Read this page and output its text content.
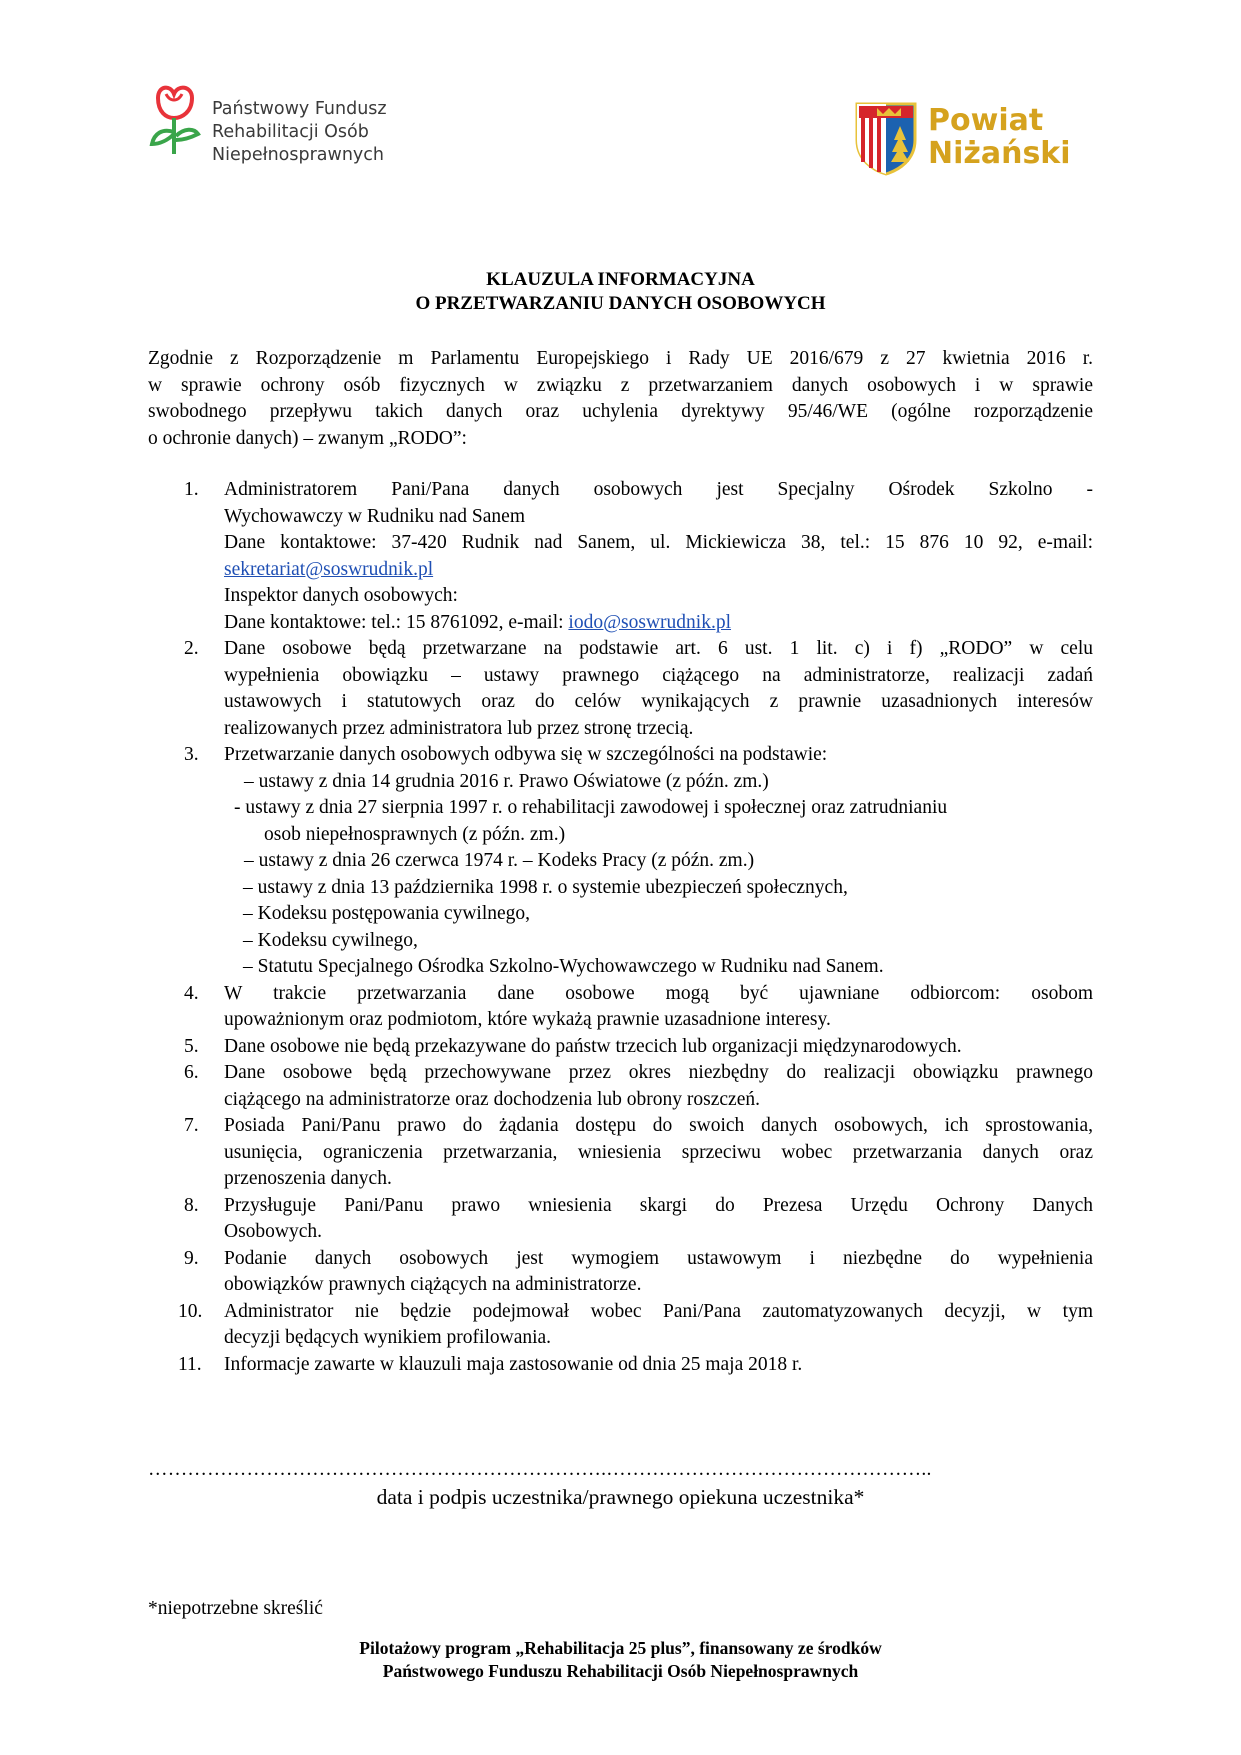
Państwowy Fundusz
Rehabilitacji Osób
Niepełnosprawnych
Powiat
Niżański
KLAUZULA INFORMACYJNA
O PRZETWARZANIU DANYCH OSOBOWYCH
Zgodnie z Rozporządzenie m Parlamentu Europejskiego i Rady UE 2016/679 z 27 kwietnia 2016 r.
w sprawie ochrony osób fizycznych w związku z przetwarzaniem danych osobowych i w sprawie
swobodnego przepływu takich danych oraz uchylenia dyrektywy 95/46/WE (ogólne rozporządzenie
o ochronie danych) – zwanym „RODO”:
1.	Administratorem Pani/Pana danych osobowych jest Specjalny Ośrodek Szkolno -
Wychowawczy w Rudniku nad Sanem
Dane kontaktowe: 37-420 Rudnik nad Sanem, ul. Mickiewicza 38, tel.: 15 876 10 92, e-mail:
sekretariat@soswrudnik.pl
Inspektor danych osobowych:
Dane kontaktowe: tel.: 15 8761092, e-mail: iodo@soswrudnik.pl
2.	Dane osobowe będą przetwarzane na podstawie art. 6 ust. 1 lit. c) i f) „RODO” w celu
wypełnienia obowiązku – ustawy prawnego ciążącego na administratorze, realizacji zadań
ustawowych i statutowych oraz do celów wynikających z prawnie uzasadnionych interesów
realizowanych przez administratora lub przez stronę trzecią.
3.	Przetwarzanie danych osobowych odbywa się w szczególności na podstawie:
– ustawy z dnia 14 grudnia 2016 r. Prawo Oświatowe (z późn. zm.)
- ustawy z dnia 27 sierpnia 1997 r. o rehabilitacji zawodowej i społecznej oraz zatrudnianiu
osob niepełnosprawnych (z późn. zm.)
– ustawy z dnia 26 czerwca 1974 r. – Kodeks Pracy (z późn. zm.)
– ustawy z dnia 13 października 1998 r. o systemie ubezpieczeń społecznych,
– Kodeksu postępowania cywilnego,
– Kodeksu cywilnego,
– Statutu Specjalnego Ośrodka Szkolno-Wychowawczego w Rudniku nad Sanem.
4.	W trakcie przetwarzania dane osobowe mogą być ujawniane odbiorcom: osobom
upoważnionym oraz podmiotom, które wykażą prawnie uzasadnione interesy.
5.	Dane osobowe nie będą przekazywane do państw trzecich lub organizacji międzynarodowych.
6.	Dane osobowe będą przechowywane przez okres niezbędny do realizacji obowiązku prawnego
ciążącego na administratorze oraz dochodzenia lub obrony roszczeń.
7.	Posiada Pani/Panu prawo do żądania dostępu do swoich danych osobowych, ich sprostowania,
usunięcia, ograniczenia przetwarzania, wniesienia sprzeciwu wobec przetwarzania danych oraz
przenoszenia danych.
8.	Przysługuje Pani/Panu prawo wniesienia skargi do Prezesa Urzędu Ochrony Danych
Osobowych.
9.	Podanie danych osobowych jest wymogiem ustawowym i niezbędne do wypełnienia
obowiązków prawnych ciążących na administratorze.
10.	Administrator nie będzie podejmował wobec Pani/Pana zautomatyzowanych decyzji, w tym
decyzji będących wynikiem profilowania.
11.	Informacje zawarte w klauzuli maja zastosowanie od dnia 25 maja 2018 r.
…………………………………………………………….…………………………………………..
data i podpis uczestnika/prawnego opiekuna uczestnika*
*niepotrzebne skreślić
Pilotażowy program „Rehabilitacja 25 plus”, finansowany ze środków
Państwowego Funduszu Rehabilitacji Osób Niepełnosprawnych
